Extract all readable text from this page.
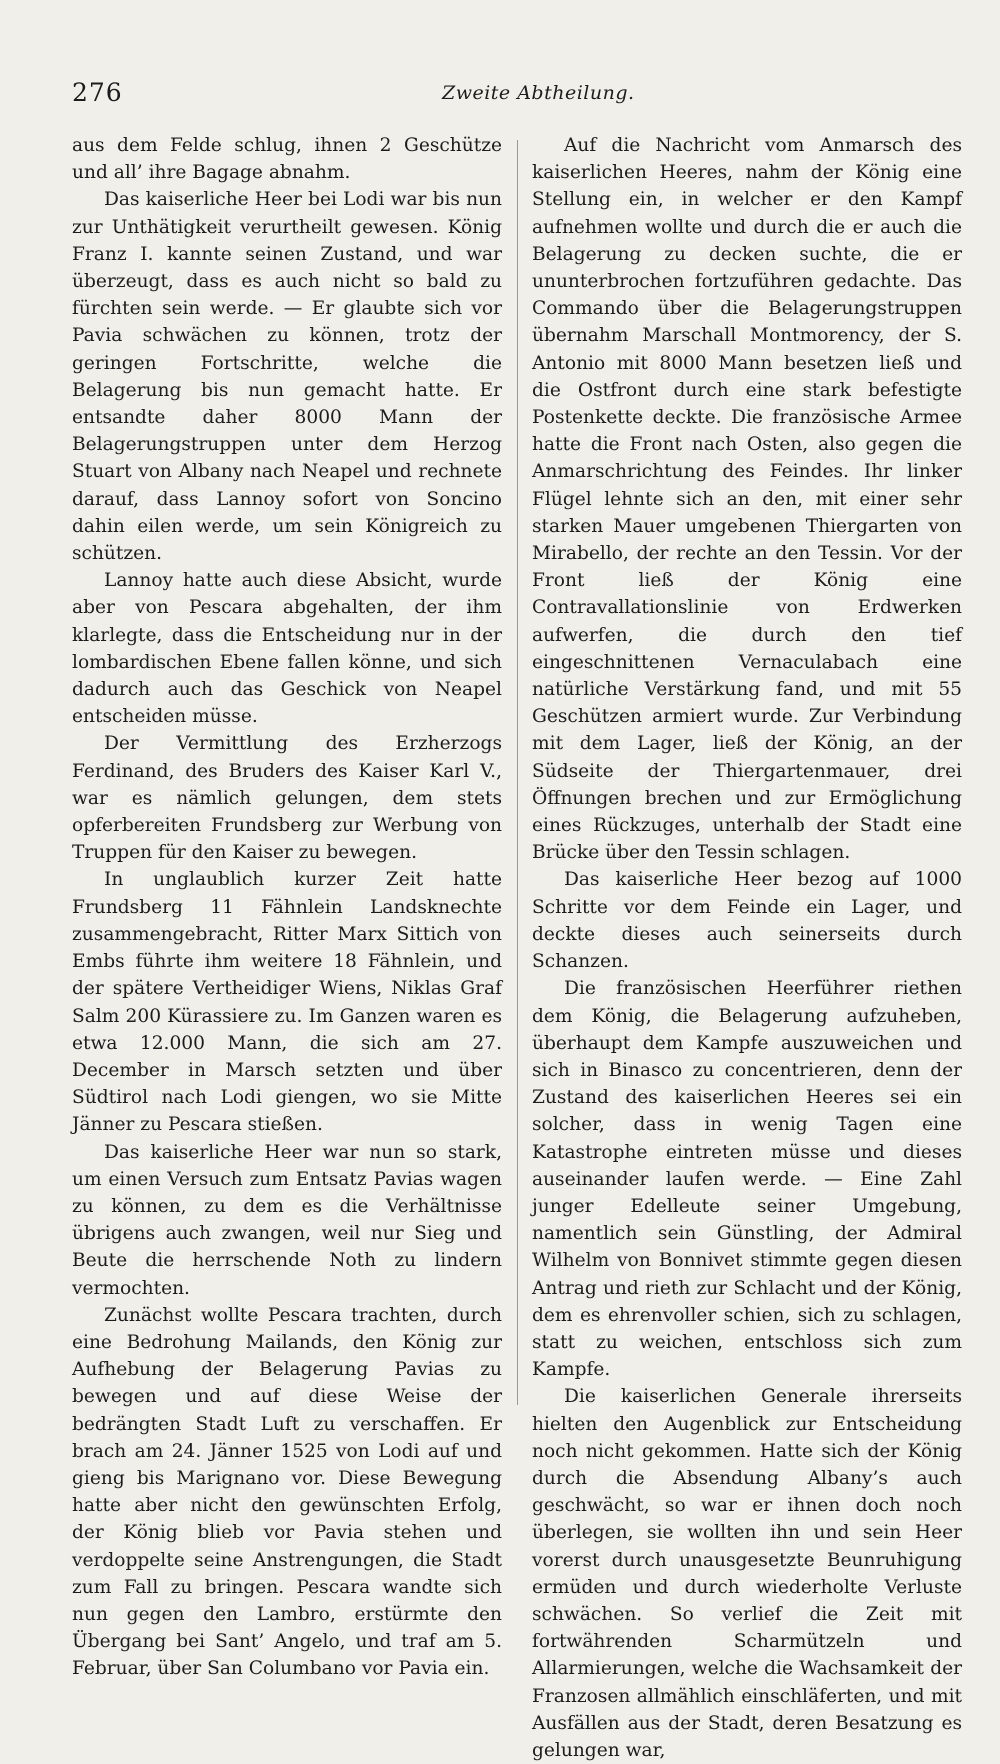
276	Zweite Abtheilung.

aus dem Felde schlug, ihnen 2 Geschütze und all’ ihre Bagage abnahm.

Das kaiserliche Heer bei Lodi war bis nun zur Unthätigkeit verurtheilt gewesen. König Franz I. kannte seinen Zustand, und war überzeugt, dass es auch nicht so bald zu fürchten sein werde. — Er glaubte sich vor Pavia schwächen zu können, trotz der geringen Fortschritte, welche die Belagerung bis nun gemacht hatte. Er entsandte daher 8000 Mann der Belagerungstruppen unter dem Herzog Stuart von Albany nach Neapel und rechnete darauf, dass Lannoy sofort von Soncino dahin eilen werde, um sein Königreich zu schützen.

Lannoy hatte auch diese Absicht, wurde aber von Pescara abgehalten, der ihm klarlegte, dass die Entscheidung nur in der lombardischen Ebene fallen könne, und sich dadurch auch das Geschick von Neapel entscheiden müsse.

Der Vermittlung des Erzherzogs Ferdinand, des Bruders des Kaiser Karl V., war es nämlich gelungen, dem stets opferbereiten Frundsberg zur Werbung von Truppen für den Kaiser zu bewegen.

In unglaublich kurzer Zeit hatte Frundsberg 11 Fähnlein Landsknechte zusammengebracht, Ritter Marx Sittich von Embs führte ihm weitere 18 Fähnlein, und der spätere Vertheidiger Wiens, Niklas Graf Salm 200 Kürassiere zu. Im Ganzen waren es etwa 12.000 Mann, die sich am 27. December in Marsch setzten und über Südtirol nach Lodi giengen, wo sie Mitte Jänner zu Pescara stießen.

Das kaiserliche Heer war nun so stark, um einen Versuch zum Entsatz Pavias wagen zu können, zu dem es die Verhältnisse übrigens auch zwangen, weil nur Sieg und Beute die herrschende Noth zu lindern vermochten.

Zunächst wollte Pescara trachten, durch eine Bedrohung Mailands, den König zur Aufhebung der Belagerung Pavias zu bewegen und auf diese Weise der bedrängten Stadt Luft zu verschaffen. Er brach am 24. Jänner 1525 von Lodi auf und gieng bis Marignano vor. Diese Bewegung hatte aber nicht den gewünschten Erfolg, der König blieb vor Pavia stehen und verdoppelte seine Anstrengungen, die Stadt zum Fall zu bringen. Pescara wandte sich nun gegen den Lambro, erstürmte den Übergang bei Sant’ Angelo, und traf am 5. Februar, über San Columbano vor Pavia ein.

Auf die Nachricht vom Anmarsch des kaiserlichen Heeres, nahm der König eine Stellung ein, in welcher er den Kampf aufnehmen wollte und durch die er auch die Belagerung zu decken suchte, die er ununterbrochen fortzuführen gedachte. Das Commando über die Belagerungstruppen übernahm Marschall Montmorency, der S. Antonio mit 8000 Mann besetzen ließ und die Ostfront durch eine stark befestigte Postenkette deckte. Die französische Armee hatte die Front nach Osten, also gegen die Anmarschrichtung des Feindes. Ihr linker Flügel lehnte sich an den, mit einer sehr starken Mauer umgebenen Thiergarten von Mirabello, der rechte an den Tessin. Vor der Front ließ der König eine Contravallationslinie von Erdwerken aufwerfen, die durch den tief eingeschnittenen Vernaculabach eine natürliche Verstärkung fand, und mit 55 Geschützen armiert wurde. Zur Verbindung mit dem Lager, ließ der König, an der Südseite der Thiergartenmauer, drei Öffnungen brechen und zur Ermöglichung eines Rückzuges, unterhalb der Stadt eine Brücke über den Tessin schlagen.

Das kaiserliche Heer bezog auf 1000 Schritte vor dem Feinde ein Lager, und deckte dieses auch seinerseits durch Schanzen.

Die französischen Heerführer riethen dem König, die Belagerung aufzuheben, überhaupt dem Kampfe auszuweichen und sich in Binasco zu concentrieren, denn der Zustand des kaiserlichen Heeres sei ein solcher, dass in wenig Tagen eine Katastrophe eintreten müsse und dieses auseinander laufen werde. — Eine Zahl junger Edelleute seiner Umgebung, namentlich sein Günstling, der Admiral Wilhelm von Bonnivet stimmte gegen diesen Antrag und rieth zur Schlacht und der König, dem es ehrenvoller schien, sich zu schlagen, statt zu weichen, entschloss sich zum Kampfe.

Die kaiserlichen Generale ihrerseits hielten den Augenblick zur Entscheidung noch nicht gekommen. Hatte sich der König durch die Absendung Albany’s auch geschwächt, so war er ihnen doch noch überlegen, sie wollten ihn und sein Heer vorerst durch unausgesetzte Beunruhigung ermüden und durch wiederholte Verluste schwächen. So verlief die Zeit mit fortwährenden Scharmützeln und Allarmierungen, welche die Wachsamkeit der Franzosen allmählich einschläferten, und mit Ausfällen aus der Stadt, deren Besatzung es gelungen war,
